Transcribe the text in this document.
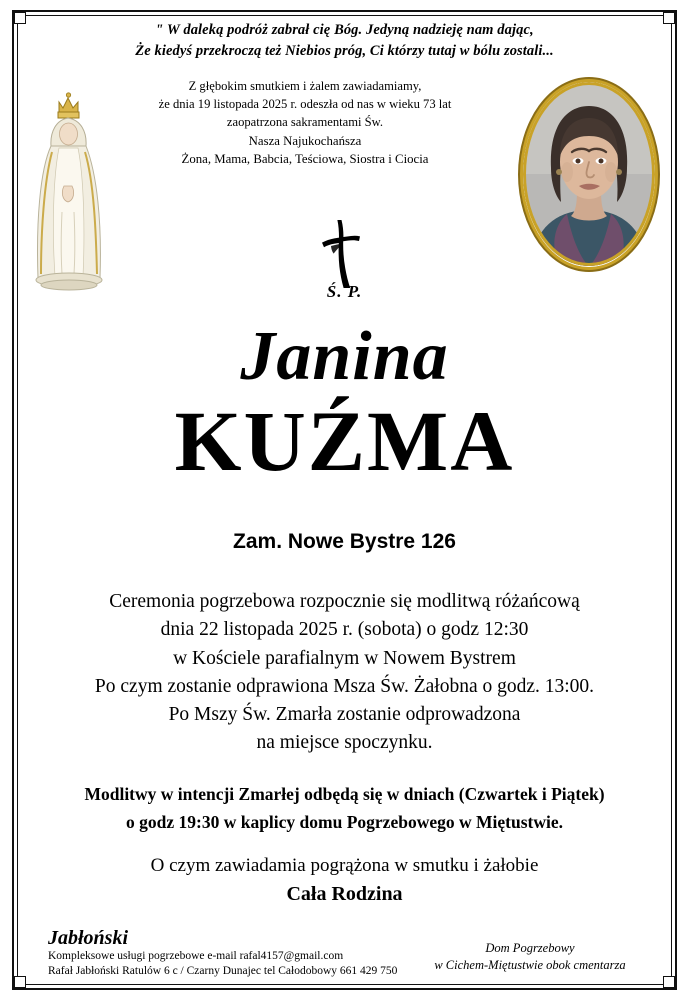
" W daleką podróż zabrał cię Bóg. Jedyną nadzieję nam dając,
Że kiedyś przekroczą też Niebios próg, Ci którzy tutaj w bólu zostali...
Z głębokim smutkiem i żalem zawiadamiamy,
że dnia 19 listopada 2025 r. odeszła od nas w wieku 73 lat
zaopatrzona sakramentami Św.
Nasza Najukochańsza
Żona, Mama, Babcia, Teściowa, Siostra i Ciocia
Ś. P.
Janina
KUŹMA
Zam. Nowe Bystre 126
Ceremonia pogrzebowa rozpocznie się modlitwą różańcową
dnia 22 listopada 2025 r. (sobota) o godz 12:30
w Kościele parafialnym w Nowem Bystrem
Po czym zostanie odprawiona Msza Św. Żałobna o godz. 13:00.
Po Mszy Św. Zmarła zostanie odprowadzona
na miejsce spoczynku.
Modlitwy w intencji Zmarłej odbędą się w dniach (Czwartek i Piątek)
o godz 19:30 w kaplicy domu Pogrzebowego w Miętustwie.
O czym zawiadamia pogrążona w smutku i żałobie
Cała Rodzina
Jabłoński
Kompleksowe usługi pogrzebowe e-mail rafal4157@gmail.com
Rafał Jabłoński Ratulów 6 c / Czarny Dunajec tel Całodobowy 661 429 750
Dom Pogrzebowy
w Cichem-Miętustwie obok cmentarza
